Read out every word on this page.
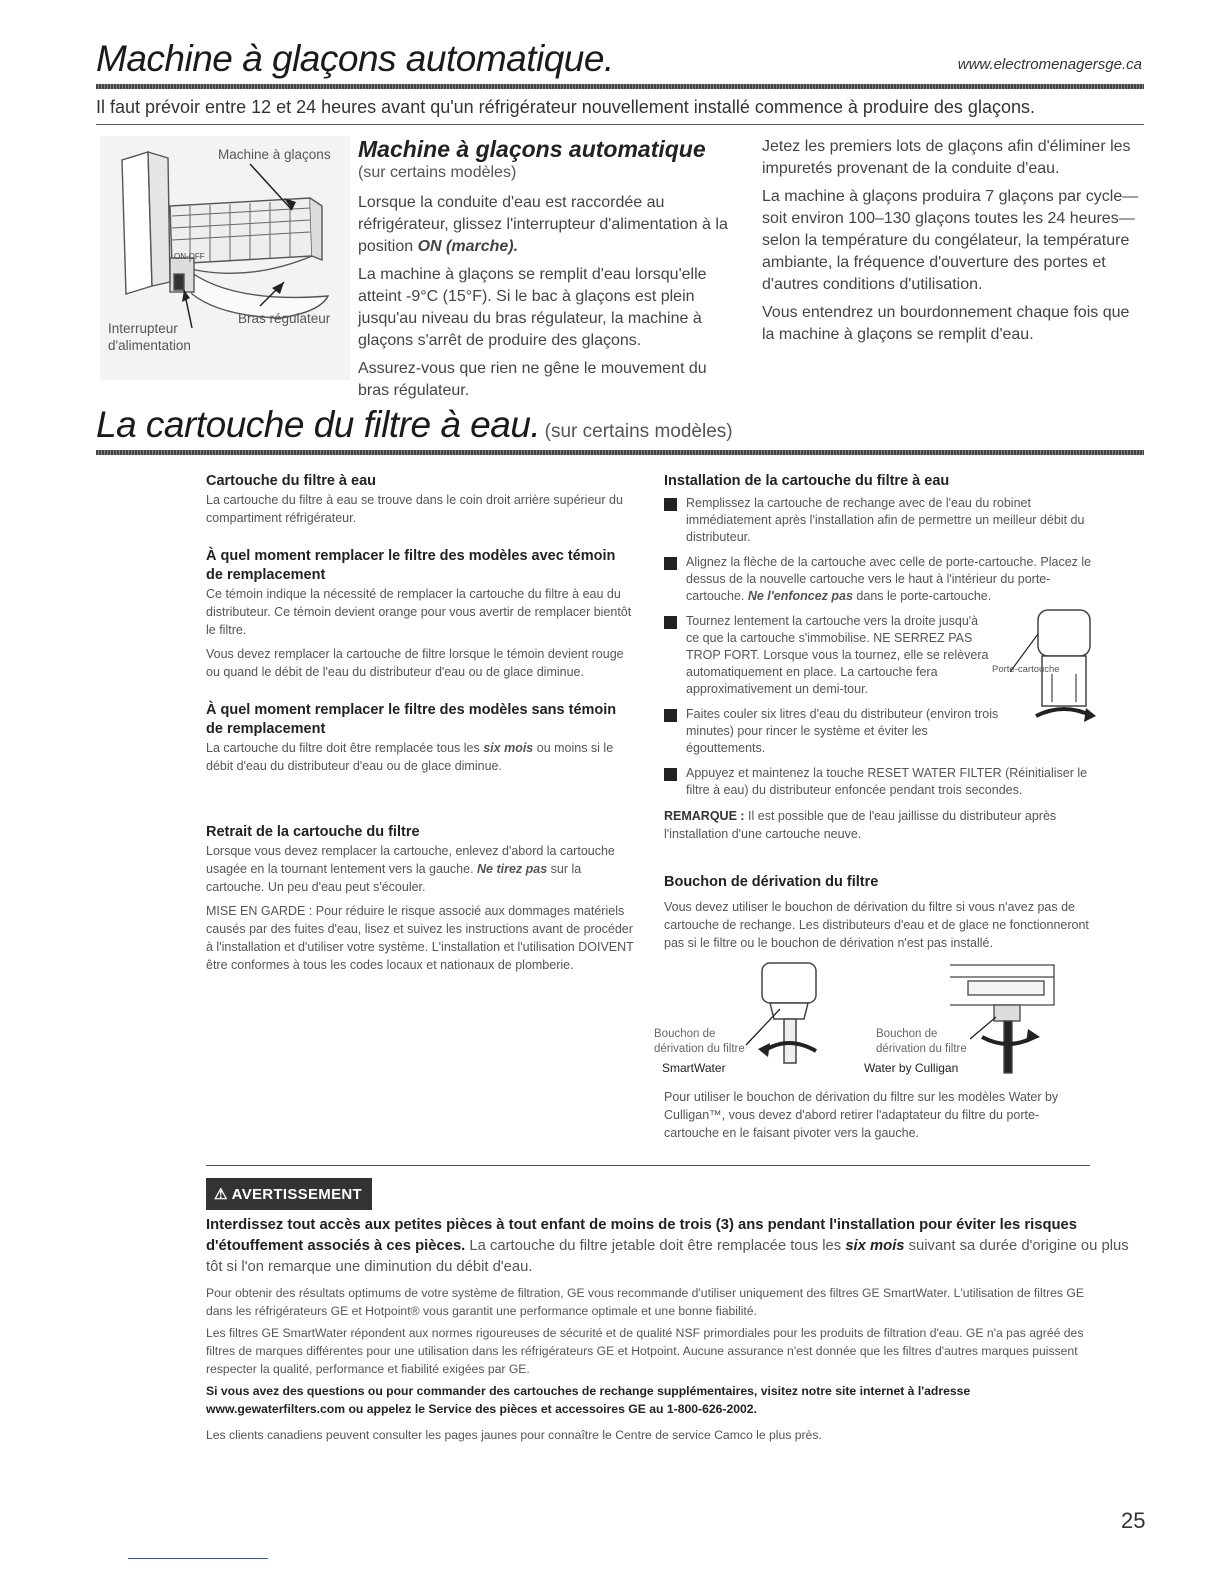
Machine à glaçons automatique.	www.electromenagersge.ca
Il faut prévoir entre 12 et 24 heures avant qu'un réfrigérateur nouvellement installé commence à produire des glaçons.
Machine à glaçons
ON-OFF
Interrupteur d'alimentation
Bras régulateur
Machine à glaçons automatique
(sur certains modèles)

Lorsque la conduite d'eau est raccordée au réfrigérateur, glissez l'interrupteur d'alimentation à la position ON (marche).

La machine à glaçons se remplit d'eau lorsqu'elle atteint -9°C (15°F). Si le bac à glaçons est plein jusqu'au niveau du bras régulateur, la machine à glaçons s'arrêt de produire des glaçons.

Assurez-vous que rien ne gêne le mouvement du bras régulateur.

Jetez les premiers lots de glaçons afin d'éliminer les impuretés provenant de la conduite d'eau.

La machine à glaçons produira 7 glaçons par cycle—soit environ 100–130 glaçons toutes les 24 heures—selon la température du congélateur, la température ambiante, la fréquence d'ouverture des portes et d'autres conditions d'utilisation.

Vous entendrez un bourdonnement chaque fois que la machine à glaçons se remplit d'eau.

La cartouche du filtre à eau. (sur certains modèles)
Cartouche du filtre à eau
La cartouche du filtre à eau se trouve dans le coin droit arrière supérieur du compartiment réfrigérateur.
À quel moment remplacer le filtre des modèles avec témoin de remplacement

Ce témoin indique la nécessité de remplacer la cartouche du filtre à eau du distributeur. Ce témoin devient orange pour vous avertir de remplacer bientôt le filtre.

Vous devez remplacer la cartouche de filtre lorsque le témoin devient rouge ou quand le débit de l'eau du distributeur d'eau ou de glace diminue.

À quel moment remplacer le filtre des modèles sans témoin de remplacement
La cartouche du filtre doit être remplacée tous les six mois ou moins si le débit d'eau du distributeur d'eau ou de glace diminue.
Retrait de la cartouche du filtre

Lorsque vous devez remplacer la cartouche, enlevez d'abord la cartouche usagée en la tournant lentement vers la gauche. Ne tirez pas sur la cartouche. Un peu d'eau peut s'écouler.

MISE EN GARDE : Pour réduire le risque associé aux dommages matériels causés par des fuites d'eau, lisez et suivez les instructions avant de procéder à l'installation et d'utiliser votre système. L'installation et l'utilisation DOIVENT être conformes à tous les codes locaux et nationaux de plomberie.

Installation de la cartouche du filtre à eau
Remplissez la cartouche de rechange avec de l'eau du robinet immédiatement après l'installation afin de permettre un meilleur débit du distributeur.
Alignez la flèche de la cartouche avec celle de porte-cartouche. Placez le dessus de la nouvelle cartouche vers le haut à l'intérieur du porte-cartouche. Ne l'enfoncez pas dans le porte-cartouche.
Tournez lentement la cartouche vers la droite jusqu'à ce que la cartouche s'immobilise. NE SERREZ PAS TROP FORT. Lorsque vous la tournez, elle se relèvera automatiquement en place. La cartouche fera approximativement un demi-tour.
Faites couler six litres d'eau du distributeur (environ trois minutes) pour rincer le système et éviter les égouttements.
Appuyez et maintenez la touche RESET WATER FILTER (Réinitialiser le filtre à eau) du distributeur enfoncée pendant trois secondes.
REMARQUE : Il est possible que de l'eau jaillisse du distributeur après l'installation d'une cartouche neuve.
Bouchon de dérivation du filtre
Vous devez utiliser le bouchon de dérivation du filtre si vous n'avez pas de cartouche de rechange. Les distributeurs d'eau et de glace ne fonctionneront pas si le filtre ou le bouchon de dérivation n'est pas installé.
Porte-cartouche
Bouchon de dérivation du filtre
SmartWater
Bouchon de dérivation du filtre
Water by Culligan
Pour utiliser le bouchon de dérivation du filtre sur les modèles Water by Culligan™, vous devez d'abord retirer l'adaptateur du filtre du porte-cartouche en le faisant pivoter vers la gauche.
⚠ AVERTISSEMENT
Interdissez tout accès aux petites pièces à tout enfant de moins de trois (3) ans pendant l'installation pour éviter les risques d'étouffement associés à ces pièces. La cartouche du filtre jetable doit être remplacée tous les six mois suivant sa durée d'origine ou plus tôt si l'on remarque une diminution du débit d'eau.

Pour obtenir des résultats optimums de votre système de filtration, GE vous recommande d'utiliser uniquement des filtres GE SmartWater. L'utilisation de filtres GE dans les réfrigérateurs GE et Hotpoint® vous garantit une performance optimale et une bonne fiabilité.

Les filtres GE SmartWater répondent aux normes rigoureuses de sécurité et de qualité NSF primordiales pour les produits de filtration d'eau. GE n'a pas agréé des filtres de marques différentes pour une utilisation dans les réfrigérateurs GE et Hotpoint. Aucune assurance n'est donnée que les filtres d'autres marques puissent respecter la qualité, performance et fiabilité exigées par GE.

Si vous avez des questions ou pour commander des cartouches de rechange supplémentaires, visitez notre site internet à l'adresse www.gewaterfilters.com ou appelez le Service des pièces et accessoires GE au 1-800-626-2002.

Les clients canadiens peuvent consulter les pages jaunes pour connaître le Centre de service Camco le plus près.

25
